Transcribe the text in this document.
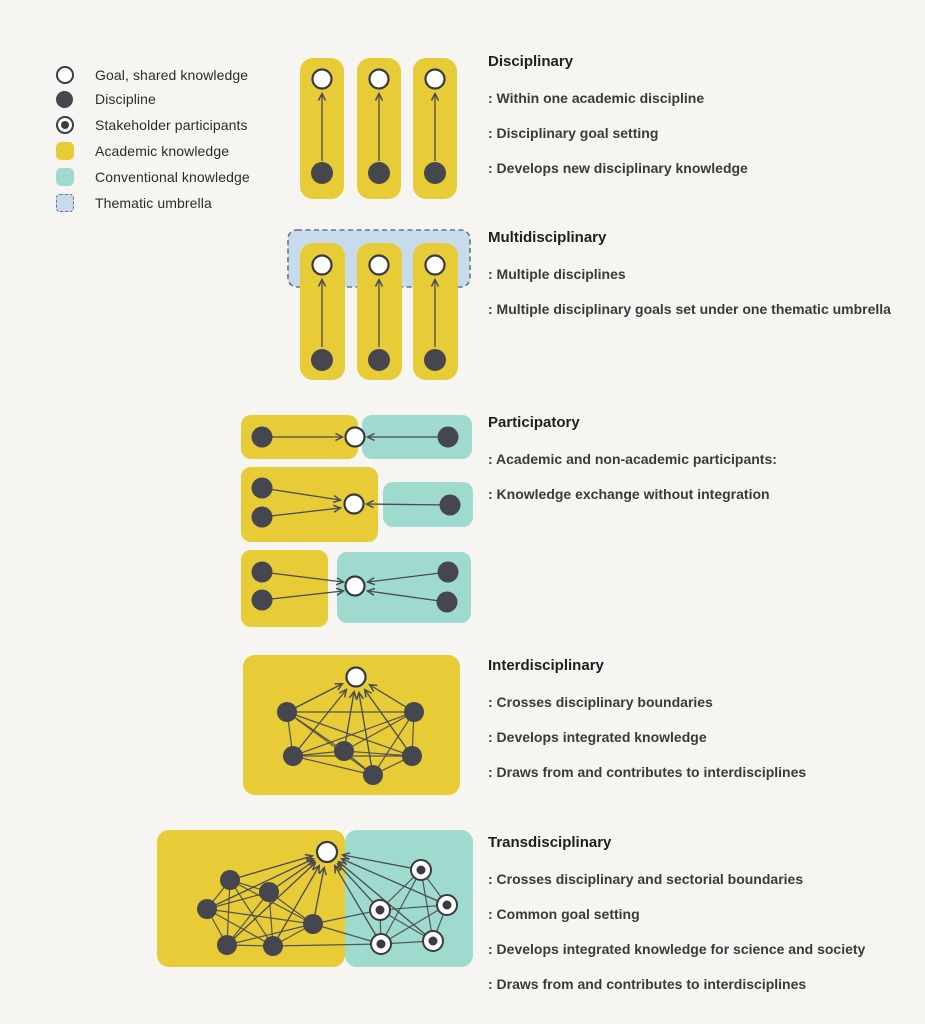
Goal, shared knowledge
Discipline
Stakeholder participants
Academic knowledge
Conventional knowledge
Thematic umbrella
Disciplinary

: Within one academic discipline

: Disciplinary goal setting

: Develops new disciplinary knowledge

Multidisciplinary

: Multiple disciplines

: Multiple disciplinary goals set under one thematic umbrella

Participatory

: Academic and non-academic participants:

: Knowledge exchange without integration

Interdisciplinary

: Crosses disciplinary boundaries

: Develops integrated knowledge

: Draws from and contributes to interdisciplines

Transdisciplinary

: Crosses disciplinary and sectorial boundaries

: Common goal setting

: Develops integrated knowledge for science and society

: Draws from and contributes to interdisciplines
